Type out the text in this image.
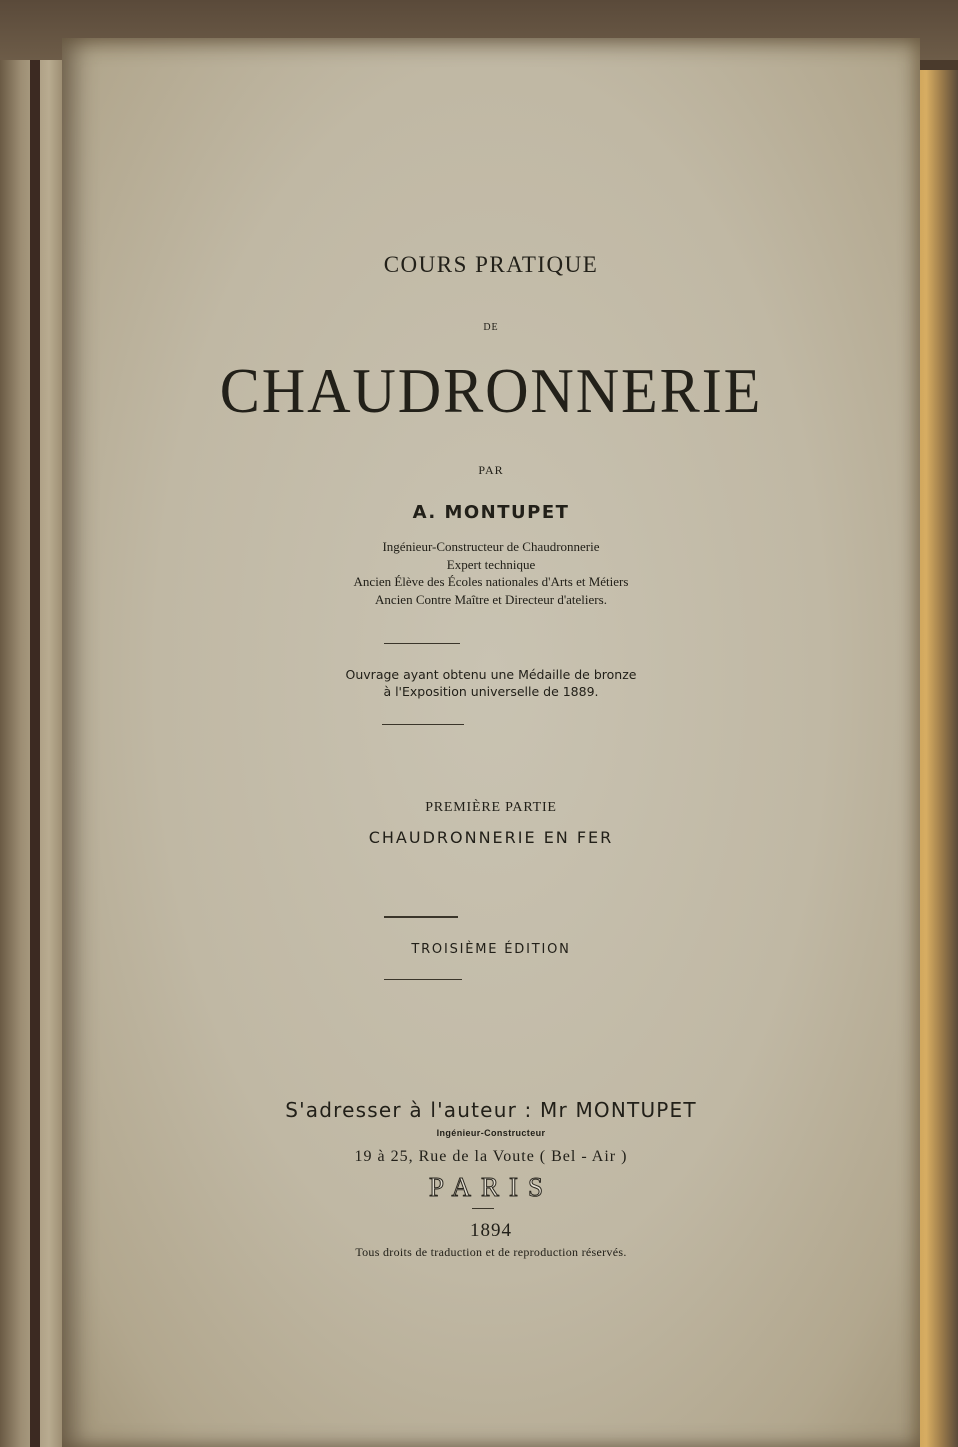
COURS PRATIQUE
DE
CHAUDRONNERIE
PAR
A. MONTUPET
Ingénieur-Constructeur de Chaudronnerie
Expert technique
Ancien Élève des Écoles nationales d'Arts et Métiers
Ancien Contre Maître et Directeur d'ateliers.
Ouvrage ayant obtenu une Médaille de bronze
à l'Exposition universelle de 1889.
PREMIÈRE PARTIE
CHAUDRONNERIE EN FER
TROISIÈME ÉDITION
S'adresser à l'auteur : Mr MONTUPET
Ingénieur-Constructeur
19 à 25, Rue de la Voute ( Bel - Air )
PARIS
1894
Tous droits de traduction et de reproduction réservés.
